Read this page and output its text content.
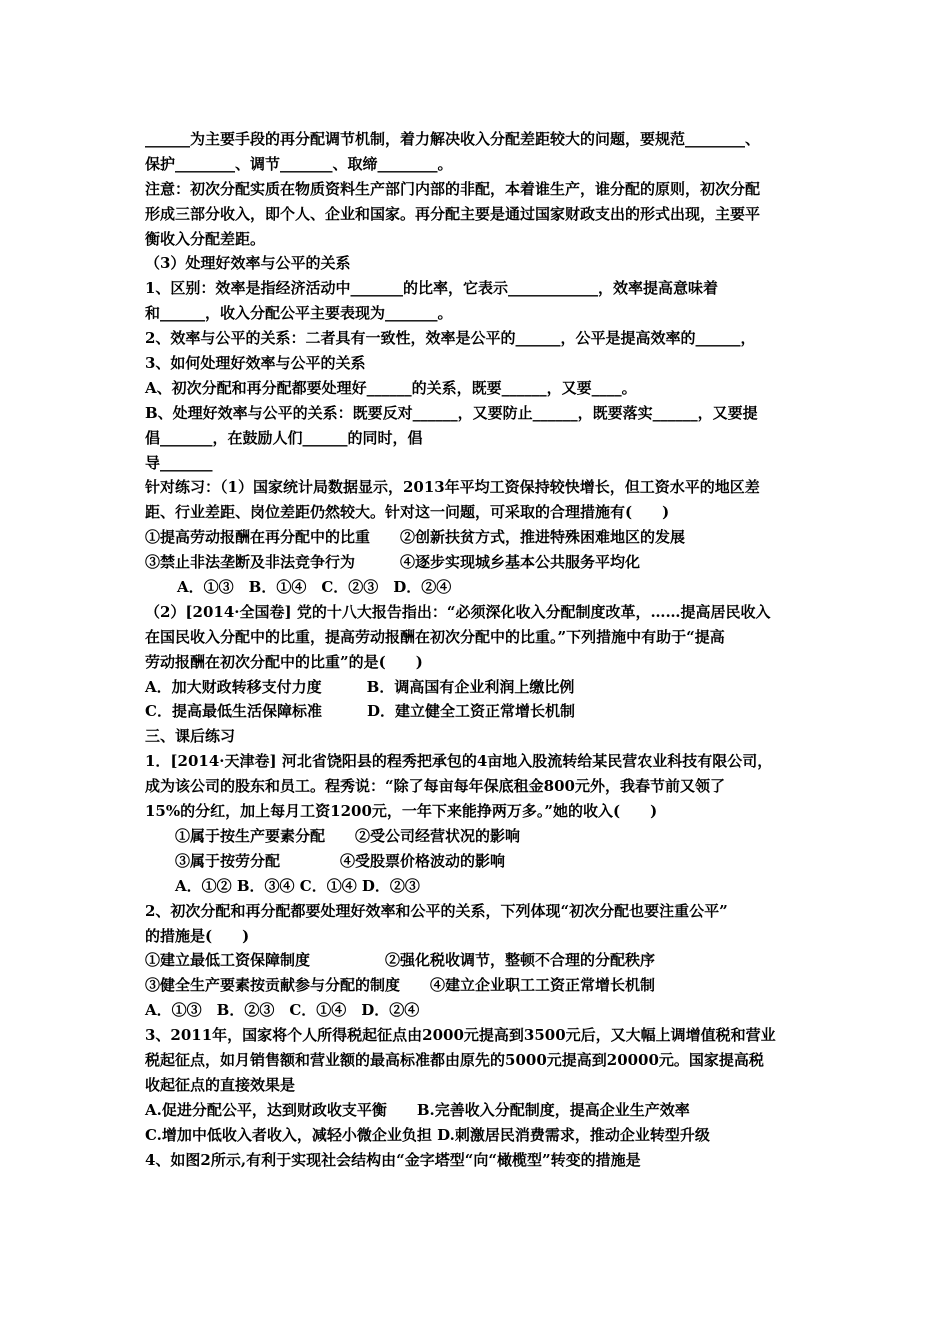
______为主要手段的再分配调节机制，着力解决收入分配差距较大的问题，要规范________、
保护________、调节_______、取缔________。
注意：初次分配实质在物质资料生产部门内部的非配，本着谁生产，谁分配的原则，初次分配
形成三部分收入，即个人、企业和国家。再分配主要是通过国家财政支出的形式出现，主要平
衡收入分配差距。
（3）处理好效率与公平的关系
1、区别：效率是指经济活动中_______的比率，它表示____________，效率提高意味着
和______，收入分配公平主要表现为_______。
2、效率与公平的关系：二者具有一致性，效率是公平的______，公平是提高效率的______，
3、如何处理好效率与公平的关系
A、初次分配和再分配都要处理好______的关系，既要______，又要____。
B、处理好效率与公平的关系：既要反对______，又要防止______，既要落实______，又要提
倡_______，在鼓励人们______的同时，倡
导_______
针对练习：（1）国家统计局数据显示，2013年平均工资保持较快增长，但工资水平的地区差
距、行业差距、岗位差距仍然较大。针对这一问题，可采取的合理措施有(　　)
①提高劳动报酬在再分配中的比重　　②创新扶贫方式，推进特殊困难地区的发展
③禁止非法垄断及非法竞争行为　　　④逐步实现城乡基本公共服务平均化
A．①③　B．①④　C．②③　D．②④
（2）[2014·全国卷] 党的十八大报告指出：“必须深化收入分配制度改革，……提高居民收入
在国民收入分配中的比重，提高劳动报酬在初次分配中的比重。”下列措施中有助于“提高
劳动报酬在初次分配中的比重”的是(　　)
A．加大财政转移支付力度　　　B．调高国有企业利润上缴比例
C．提高最低生活保障标准　　　D．建立健全工资正常增长机制
三、课后练习
1．[2014·天津卷] 河北省饶阳县的程秀把承包的4亩地入股流转给某民营农业科技有限公司，
成为该公司的股东和员工。程秀说：“除了每亩每年保底租金800元外，我春节前又领了
15%的分红，加上每月工资1200元，一年下来能挣两万多。”她的收入(　　)
①属于按生产要素分配　　②受公司经营状况的影响
③属于按劳分配　　　　④受股票价格波动的影响
A．①② B．③④ C．①④ D．②③
2、初次分配和再分配都要处理好效率和公平的关系，下列体现“初次分配也要注重公平”
的措施是(　　)
①建立最低工资保障制度　　　　　②强化税收调节，整顿不合理的分配秩序
③健全生产要素按贡献参与分配的制度　　④建立企业职工工资正常增长机制
A．①③　B．②③　C．①④　D．②④
3、2011年，国家将个人所得税起征点由2000元提高到3500元后，又大幅上调增值税和营业
税起征点，如月销售额和营业额的最高标准都由原先的5000元提高到20000元。国家提高税
收起征点的直接效果是
A.促进分配公平，达到财政收支平衡　　B.完善收入分配制度，提高企业生产效率
C.增加中低收入者收入，减轻小微企业负担 D.刺激居民消费需求，推动企业转型升级
4、如图2所示,有利于实现社会结构由“金字塔型“向“橄榄型”转变的措施是
